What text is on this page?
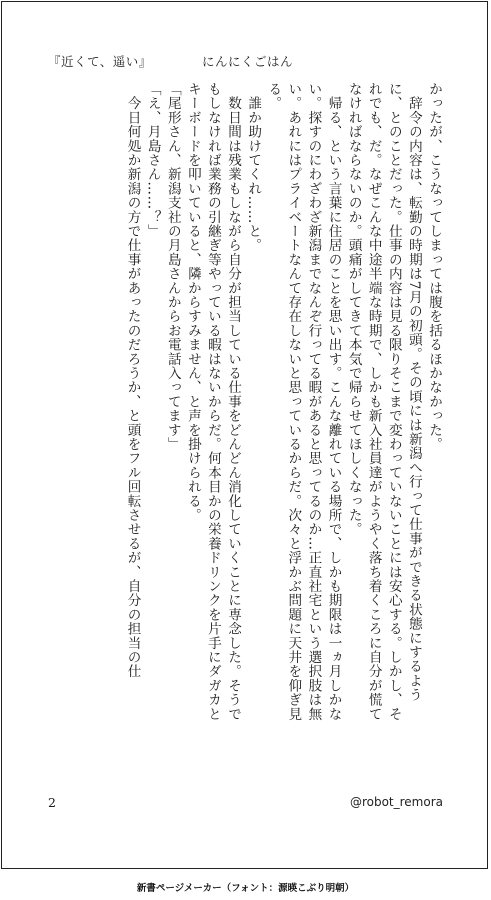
『近くて、遥い』	にんにくごはん

かったが、こうなってしまっては腹を括るほかなかった。

　辞令の内容は、転勤の時期は7月の初頭。その頃には新潟へ行って仕事ができる状態にするように、とのことだった。仕事の内容は見る限りそこまで変わっていないことには安心する。しかし、それでも、だ。なぜこんな中途半端な時期で、しかも新入社員達がようやく落ち着くころに自分が慌てなければならないのか。頭痛がしてきて本気で帰らせてほしくなった。

　帰る、という言葉に住居のことを思い出す。こんな離れている場所で、しかも期限は一ヵ月しかない。探すのにわざわざ新潟までなんぞ行ってる暇があると思ってるのか…正直社宅という選択肢は無い。あれにはプライベートなんて存在しないと思っているからだ。次々と浮かぶ問題に天井を仰ぎ見る。

　誰か助けてくれ……と。

　数日間は残業もしながら自分が担当している仕事をどんどん消化していくことに専念した。そうでもしなければ業務の引継ぎ等やっている暇はないからだ。何本目かの栄養ドリンクを片手にダガカとキーボードを叩いていると、隣からすみません、と声を掛けられる。

「尾形さん、新潟支社の月島さんからお電話入ってます」

「え、月島さん……？」

　今日何処か新潟の方で仕事があったのだろうか、と頭をフル回転させるが、自分の担当の仕

2	@robot_remora
新書ページメーカー（フォント：源暎こぶり明朝）
